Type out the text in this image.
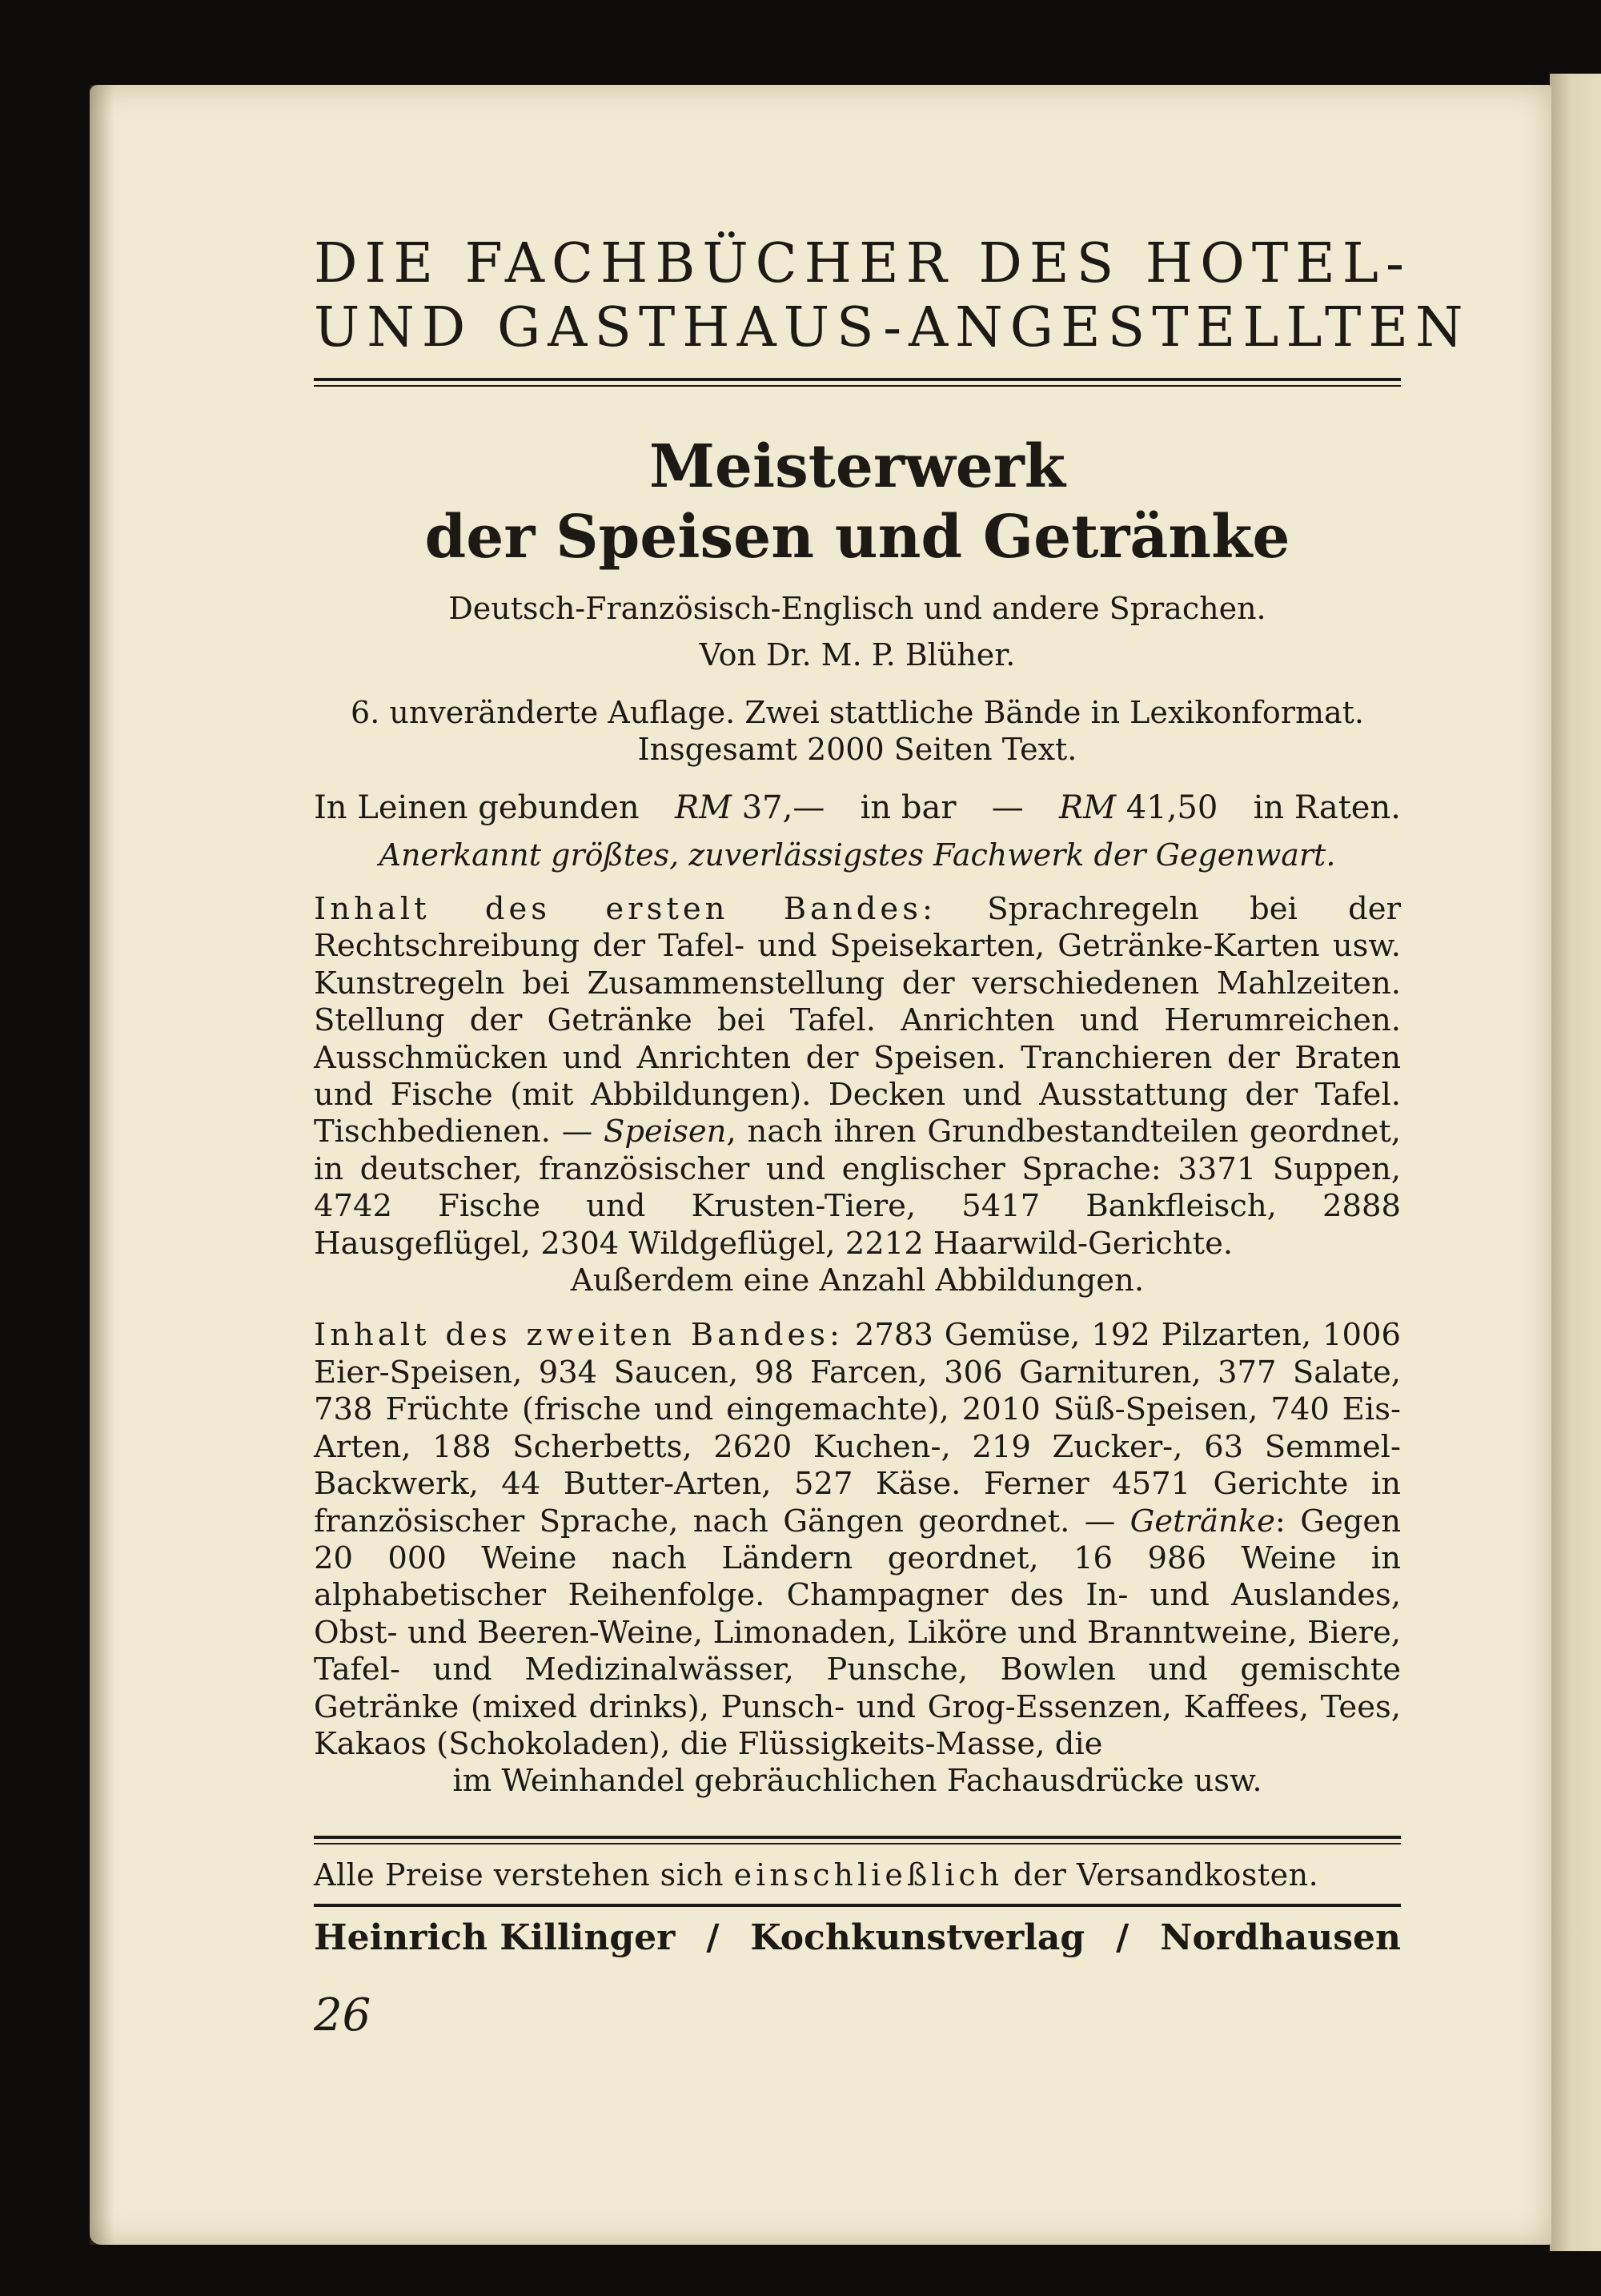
DIE FACHBÜCHER DES HOTEL-
UND GASTHAUS-ANGESTELLTEN
Meisterwerk
der Speisen und Getränke
Deutsch-Französisch-Englisch und andere Sprachen.
Von Dr. M. P. Blüher.
6. unveränderte Auflage. Zwei stattliche Bände in Lexikonformat.
Insgesamt 2000 Seiten Text.
In Leinen gebunden RM 37,— in bar — RM 41,50 in Raten.
Anerkannt größtes, zuverlässigstes Fachwerk der Gegenwart.
Inhalt des ersten Bandes: Sprachregeln bei der Rechtschreibung der Tafel- und Speisekarten, Getränke-Karten usw. Kunstregeln bei Zusammenstellung der verschiedenen Mahlzeiten. Stellung der Getränke bei Tafel. Anrichten und Herumreichen. Ausschmücken und Anrichten der Speisen. Tranchieren der Braten und Fische (mit Abbildungen). Decken und Ausstattung der Tafel. Tischbedienen. — Speisen, nach ihren Grundbestandteilen geordnet, in deutscher, französischer und englischer Sprache: 3371 Suppen, 4742 Fische und Krusten-Tiere, 5417 Bankfleisch, 2888 Hausgeflügel, 2304 Wildgeflügel, 2212 Haarwild-Gerichte.
Außerdem eine Anzahl Abbildungen.
Inhalt des zweiten Bandes: 2783 Gemüse, 192 Pilzarten, 1006 Eier-Speisen, 934 Saucen, 98 Farcen, 306 Garnituren, 377 Salate, 738 Früchte (frische und eingemachte), 2010 Süß-Speisen, 740 Eis-Arten, 188 Scherbetts, 2620 Kuchen-, 219 Zucker-, 63 Semmel-Backwerk, 44 Butter-Arten, 527 Käse. Ferner 4571 Gerichte in französischer Sprache, nach Gängen geordnet. — Getränke: Gegen 20 000 Weine nach Ländern geordnet, 16 986 Weine in alphabetischer Reihenfolge. Champagner des In- und Auslandes, Obst- und Beeren-Weine, Limonaden, Liköre und Branntweine, Biere, Tafel- und Medizinalwässer, Punsche, Bowlen und gemischte Getränke (mixed drinks), Punsch- und Grog-Essenzen, Kaffees, Tees, Kakaos (Schokoladen), die Flüssigkeits-Masse, die
im Weinhandel gebräuchlichen Fachausdrücke usw.
Alle Preise verstehen sich einschließlich der Versandkosten.
Heinrich Killinger / Kochkunstverlag / Nordhausen
26
